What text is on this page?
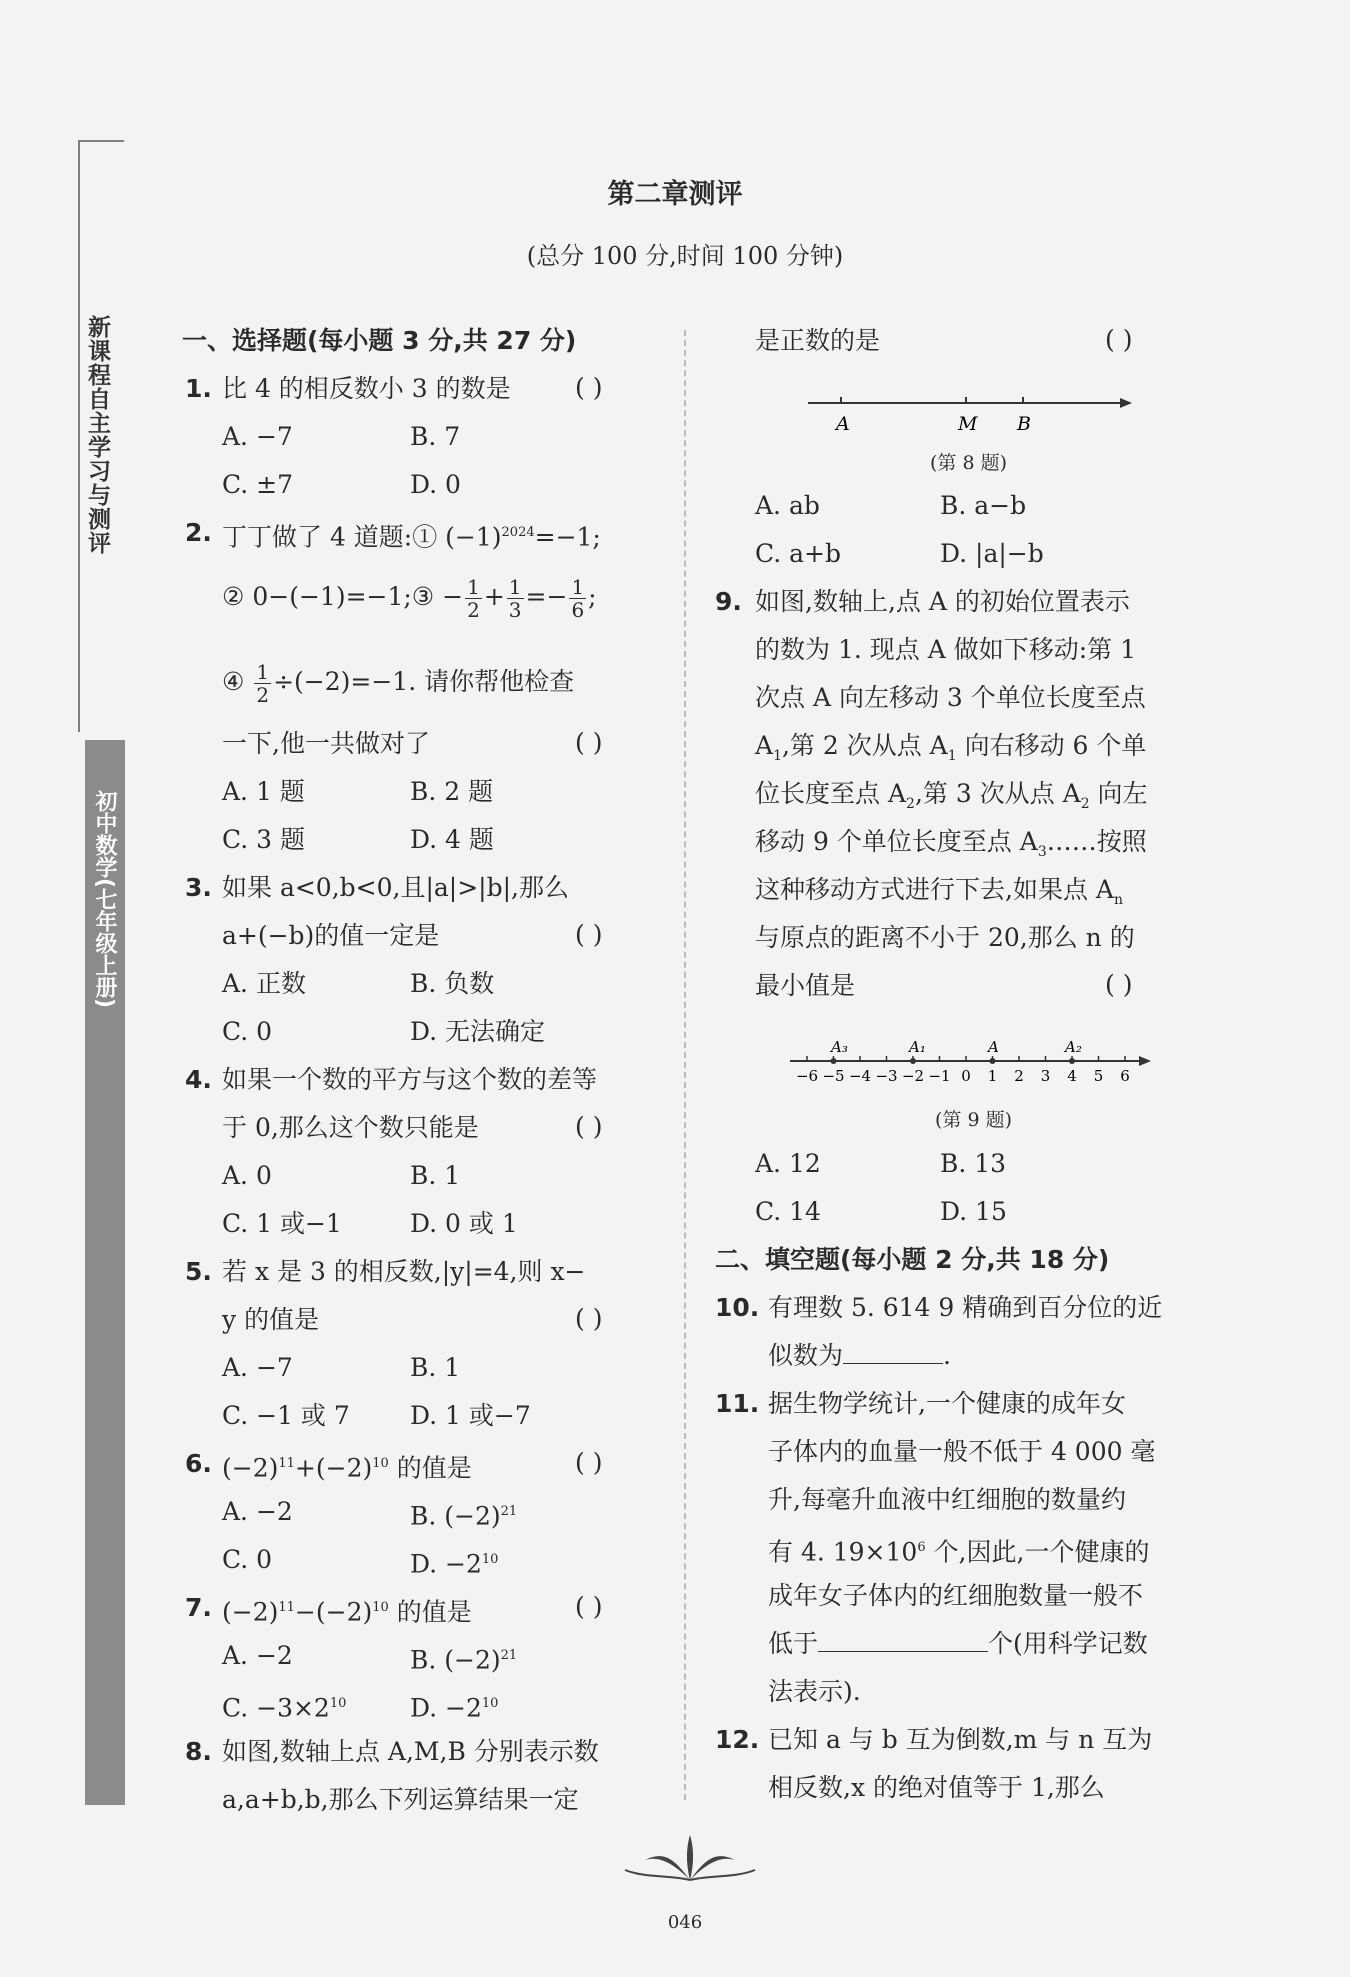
新课程自主学习与测评
初中数学(七年级上册)
第二章测评
(总分 100 分,时间 100 分钟)
一、选择题(每小题 3 分,共 27 分)
1. 比 4 的相反数小 3 的数是	( )
A. −7	B. 7
C. ±7	D. 0
2. 丁丁做了 4 道题:① $(-1)^{2024}=-1$;
② 0−(−1)=−1;③ − $\frac{1}{2} + \frac{1}{3} =- \frac{1}{6}$ ;
④ $\frac{1}{2} \div(-2)=-1$. 请你帮他检查
一下,他一共做对了	( )
A. 1 题	B. 2 题
C. 3 题	D. 4 题
3. 如果 a<0,b<0,且|a|>|b|,那么
a+(−b)的值一定是	( )
A. 正数	B. 负数
C. 0	D. 无法确定
4. 如果一个数的平方与这个数的差等
于 0,那么这个数只能是	( )
A. 0	B. 1
C. 1 或−1	D. 0 或 1
5. 若 x 是 3 的相反数,|y|=4,则 x−
y 的值是	( )
A. −7	B. 1
C. −1 或 7 D. 1 或−7
6. $(-2)^{11}+(-2)^{10}$ 的值是	( )
A. −2	B. $(-2)^{21}$
C. 0	D. $-2^{10}$
7. $(-2)^{11}-(-2)^{10}$ 的值是	( )
A. −2	B. $(-2)^{21}$
C. $-3\times 2^{10}$	D. $-2^{10}$
8. 如图,数轴上点 A,M,B 分别表示数
a,a+b,b,那么下列运算结果一定
是正数的是	( )
A	M B
(第 8 题)
A. ab	B. a−b
C. a+b	D. |a|−b
9. 如图,数轴上,点 A 的初始位置表示
的数为 1. 现点 A 做如下移动:第 1
次点 A 向左移动 3 个单位长度至点
$A_1$,第 2 次从点 $A_1$ 向右移动 6 个单
位长度至点 $A_2$,第 3 次从点 $A_2$ 向左
移动 9 个单位长度至点 $A_3\dots\dots$按照
这种移动方式进行下去,如果点 $A_n$
与原点的距离不小于 20,那么 n 的
最小值是	( )
A₃	A₁	A	A₂
−6 −5 −4 −3 −2 −1 0 1 2 3 4 5 6
(第 9 题)
A. 12	B. 13
C. 14	D. 15
二、填空题(每小题 2 分,共 18 分)
10. 有理数 5. 614 9 精确到百分位的近
似数为	.
11. 据生物学统计,一个健康的成年女
子体内的血量一般不低于 4 000 毫
升,每毫升血液中红细胞的数量约
有 4. $19\times 10^6$ 个,因此,一个健康的
成年女子体内的红细胞数量一般不
低于	个(用科学记数
法表示).
12. 已知 a 与 b 互为倒数,m 与 n 互为
相反数,x 的绝对值等于 1,那么
046
